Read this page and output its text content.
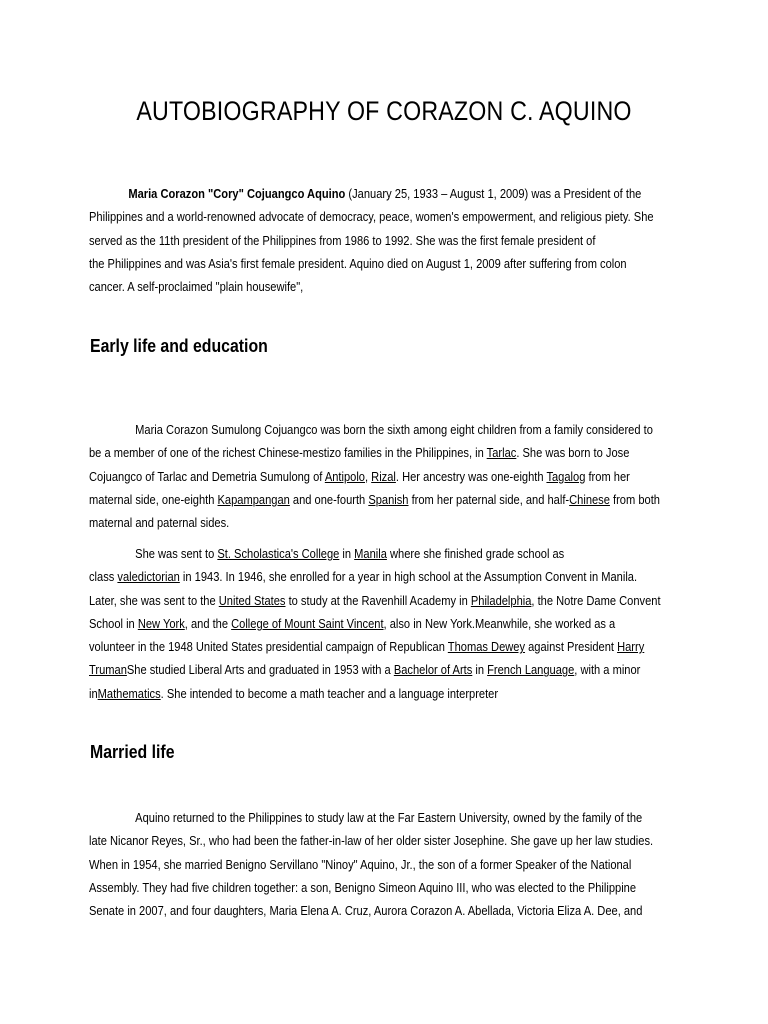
AUTOBIOGRAPHY OF CORAZON C. AQUINO
Maria Corazon "Cory" Cojuangco Aquino (January 25, 1933 – August 1, 2009) was a President of the
Philippines and a world-renowned advocate of democracy, peace, women's empowerment, and religious piety. She
served as the 11th president of the Philippines from 1986 to 1992. She was the first female president of
the Philippines and was Asia's first female president. Aquino died on August 1, 2009 after suffering from colon
cancer. A self-proclaimed "plain housewife",
Early life and education
Maria Corazon Sumulong Cojuangco was born the sixth among eight children from a family considered to
be a member of one of the richest Chinese-mestizo families in the Philippines, in Tarlac. She was born to Jose
Cojuangco of Tarlac and Demetria Sumulong of Antipolo, Rizal. Her ancestry was one-eighth Tagalog from her
maternal side, one-eighth Kapampangan and one-fourth Spanish from her paternal side, and half-Chinese from both
maternal and paternal sides.
She was sent to St. Scholastica's College in Manila where she finished grade school as
class valedictorian in 1943. In 1946, she enrolled for a year in high school at the Assumption Convent in Manila.
Later, she was sent to the United States to study at the Ravenhill Academy in Philadelphia, the Notre Dame Convent
School in New York, and the College of Mount Saint Vincent, also in New York.Meanwhile, she worked as a
volunteer in the 1948 United States presidential campaign of Republican Thomas Dewey against President Harry
TrumanShe studied Liberal Arts and graduated in 1953 with a Bachelor of Arts in French Language, with a minor
inMathematics. She intended to become a math teacher and a language interpreter
Married life
Aquino returned to the Philippines to study law at the Far Eastern University, owned by the family of the
late Nicanor Reyes, Sr., who had been the father-in-law of her older sister Josephine. She gave up her law studies.
When in 1954, she married Benigno Servillano "Ninoy" Aquino, Jr., the son of a former Speaker of the National
Assembly. They had five children together: a son, Benigno Simeon Aquino III, who was elected to the Philippine
Senate in 2007, and four daughters, Maria Elena A. Cruz, Aurora Corazon A. Abellada, Victoria Eliza A. Dee, and
